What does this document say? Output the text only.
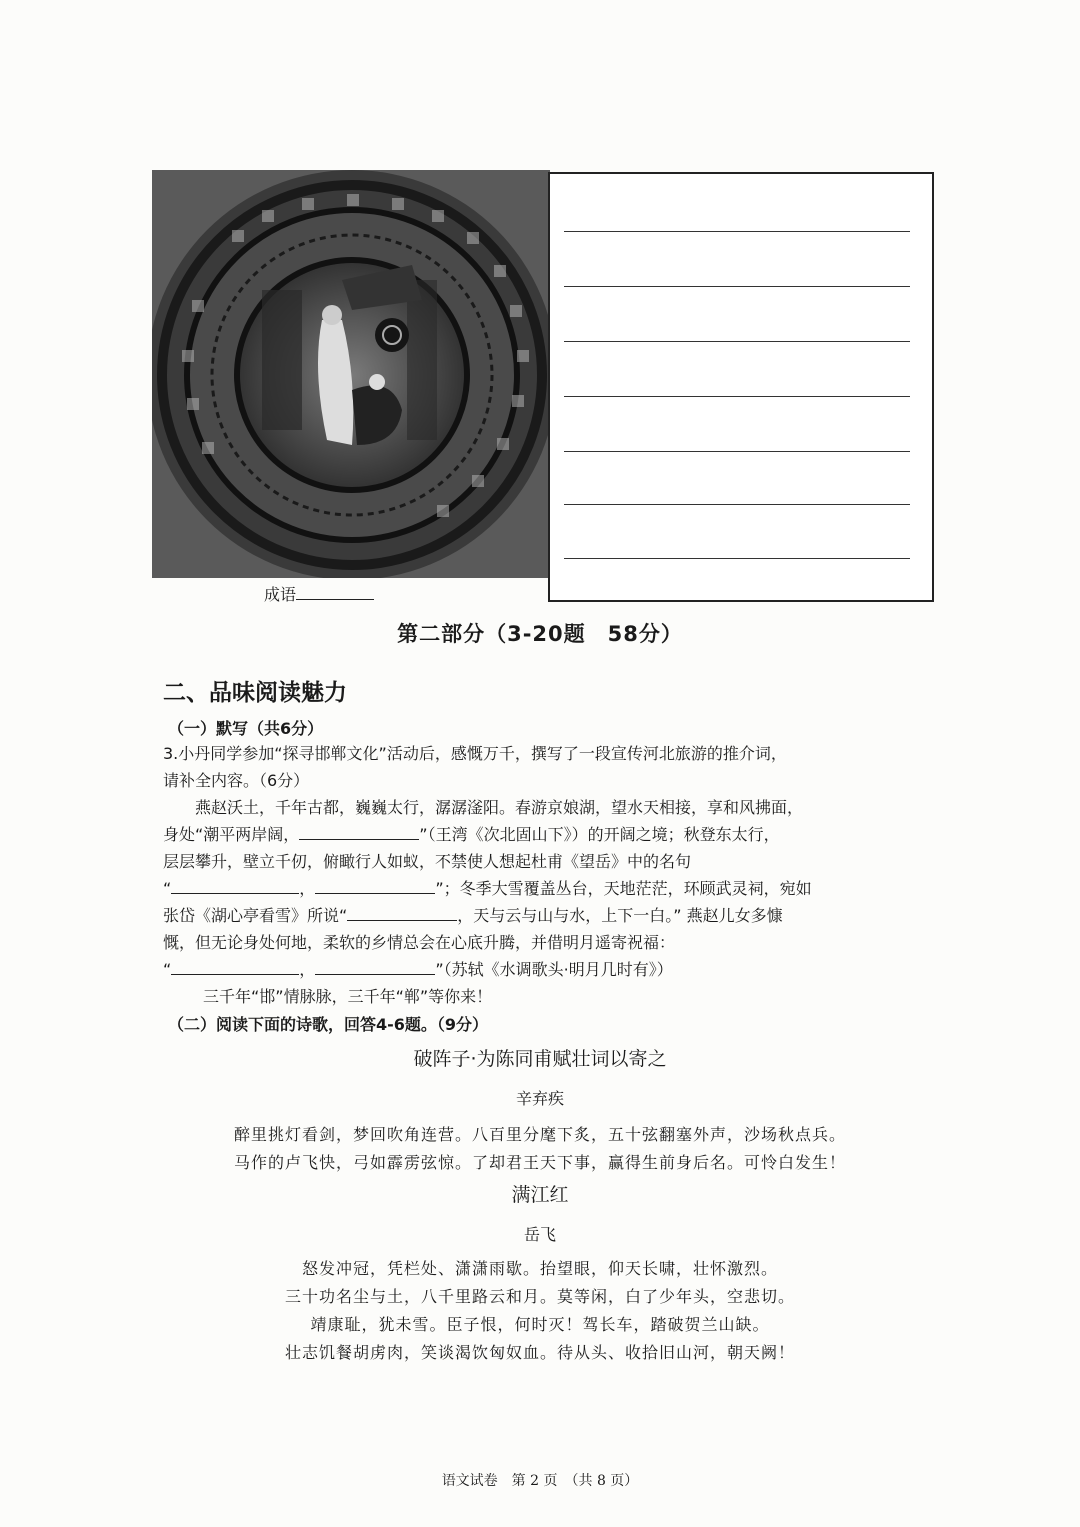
成语
第二部分（3-20题　58分）
二、品味阅读魅力
（一）默写（共6分）
3.小丹同学参加“探寻邯郸文化”活动后，感慨万千，撰写了一段宣传河北旅游的推介词，
请补全内容。（6分）
燕赵沃土，千年古都，巍巍太行，潺潺滏阳。春游京娘湖，望水天相接，享和风拂面，
身处“潮平两岸阔，	”（王湾《次北固山下》）的开阔之境；秋登东太行，
层层攀升，壁立千仞，俯瞰行人如蚁，不禁使人想起杜甫《望岳》中的名句
“	，	”；冬季大雪覆盖丛台，天地茫茫，环顾武灵祠，宛如
张岱《湖心亭看雪》所说“	，天与云与山与水，上下一白。” 燕赵儿女多慷
慨，但无论身处何地，柔软的乡情总会在心底升腾，并借明月遥寄祝福：
“	，	”（苏轼《水调歌头·明月几时有》）
三千年“邯”情脉脉，三千年“郸”等你来！
（二）阅读下面的诗歌，回答4-6题。（9分）
破阵子·为陈同甫赋壮词以寄之
辛弃疾
醉里挑灯看剑，梦回吹角连营。八百里分麾下炙，五十弦翻塞外声，沙场秋点兵。
马作的卢飞快，弓如霹雳弦惊。了却君王天下事，赢得生前身后名。可怜白发生！
满江红
岳飞
怒发冲冠，凭栏处、潇潇雨歇。抬望眼，仰天长啸，壮怀激烈。
三十功名尘与土，八千里路云和月。莫等闲，白了少年头，空悲切。
靖康耻，犹未雪。臣子恨，何时灭！驾长车，踏破贺兰山缺。
壮志饥餐胡虏肉，笑谈渴饮匈奴血。待从头、收拾旧山河，朝天阙！
语文试卷　第 2 页　（共 8 页）
